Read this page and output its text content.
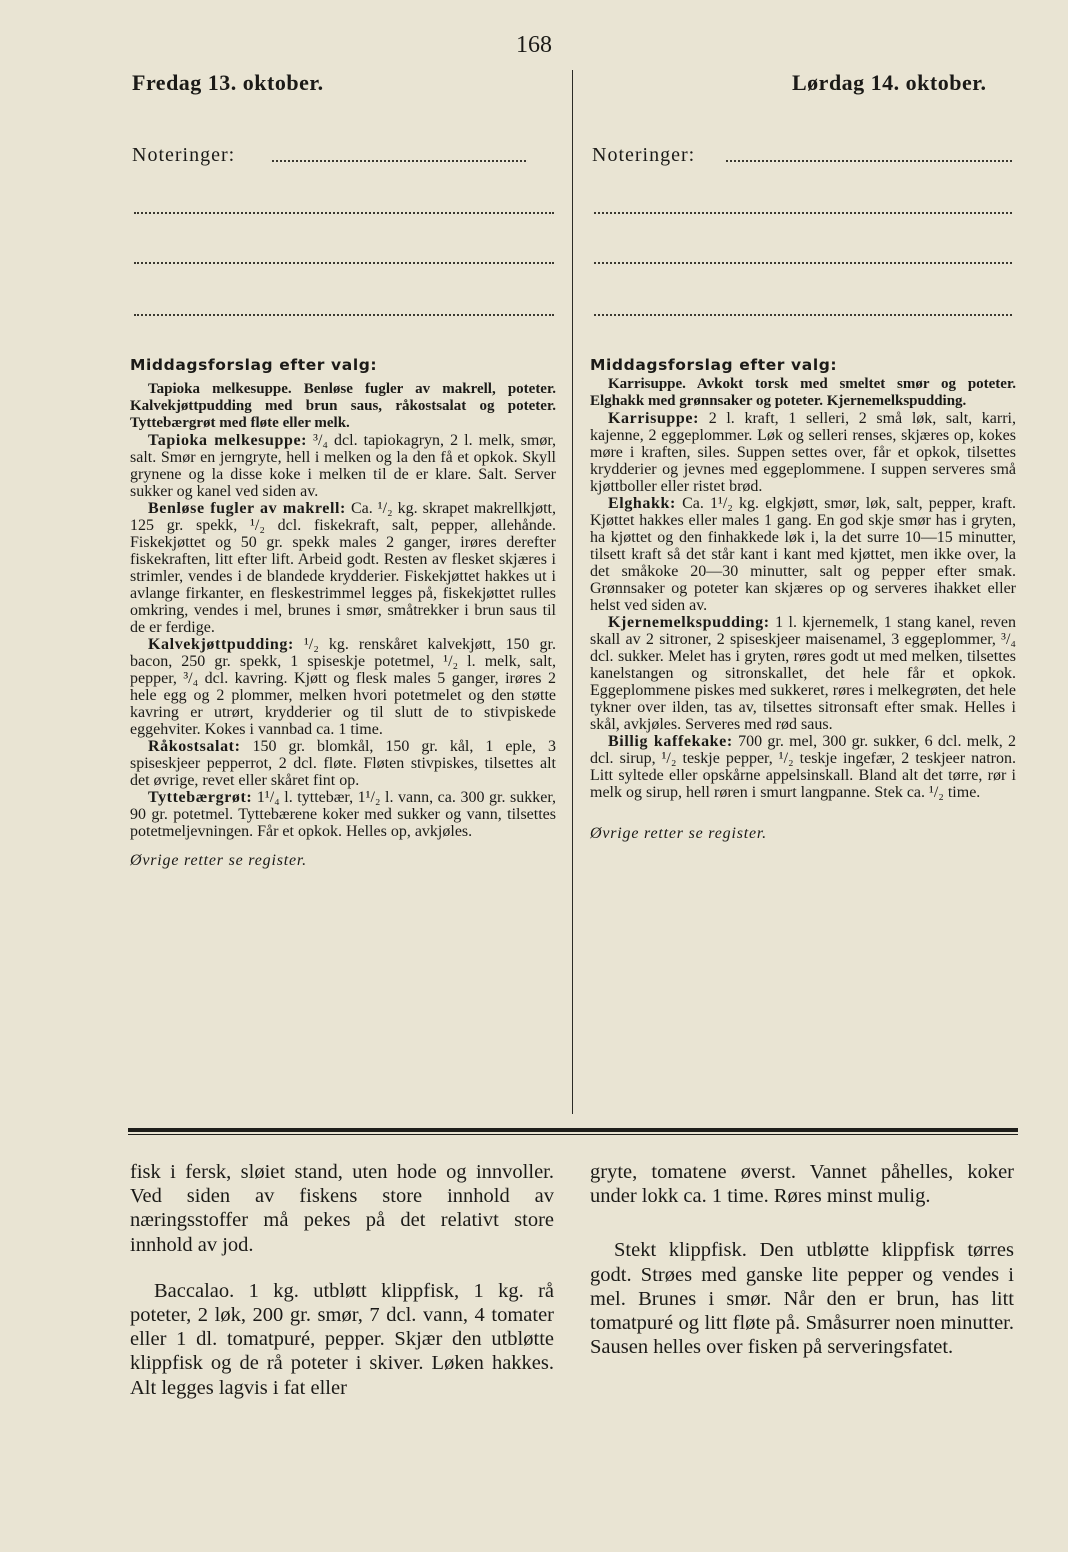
168
Fredag 13. oktober.	Lørdag 14. oktober.
Noteringer:	Noteringer:
Middagsforslag efter valg:

Tapioka melkesuppe. Benløse fugler av makrell, poteter. Kalvekjøttpudding med brun saus, råkostsalat og poteter. Tyttebærgrøt med fløte eller melk.

Tapioka melkesuppe: ³/₄ dcl. tapiokagryn, 2 l. melk, smør, salt. Smør en jerngryte, hell i melken og la den få et opkok. Skyll grynene og la disse koke i melken til de er klare. Salt. Server sukker og kanel ved siden av.

Benløse fugler av makrell: Ca. ¹/₂ kg. skrapet makrellkjøtt, 125 gr. spekk, ¹/₂ dcl. fiskekraft, salt, pepper, allehånde. Fiskekjøttet og 50 gr. spekk males 2 ganger, irøres derefter fiskekraften, litt efter lift. Arbeid godt. Resten av flesket skjæres i strimler, vendes i de blandede krydderier. Fiskekjøttet hakkes ut i avlange firkanter, en fleskestrimmel legges på, fiskekjøttet rulles omkring, vendes i mel, brunes i smør, småtrekker i brun saus til de er ferdige.

Kalvekjøttpudding: ¹/₂ kg. renskåret kalvekjøtt, 150 gr. bacon, 250 gr. spekk, 1 spiseskje potetmel, ¹/₂ l. melk, salt, pepper, ³/₄ dcl. kavring. Kjøtt og flesk males 5 ganger, irøres 2 hele egg og 2 plommer, melken hvori potetmelet og den støtte kavring er utrørt, krydderier og til slutt de to stivpiskede eggehviter. Kokes i vannbad ca. 1 time.

Råkostsalat: 150 gr. blomkål, 150 gr. kål, 1 eple, 3 spiseskjeer pepperrot, 2 dcl. fløte. Fløten stivpiskes, tilsettes alt det øvrige, revet eller skåret fint op.

Tyttebærgrøt: 1¹/₄ l. tyttebær, 1¹/₂ l. vann, ca. 300 gr. sukker, 90 gr. potetmel. Tyttebærene koker med sukker og vann, tilsettes potetmeljevningen. Får et opkok. Helles op, avkjøles.

Øvrige retter se register.

Middagsforslag efter valg:

Karrisuppe. Avkokt torsk med smeltet smør og poteter. Elghakk med grønnsaker og poteter. Kjernemelkspudding.

Karrisuppe: 2 l. kraft, 1 selleri, 2 små løk, salt, karri, kajenne, 2 eggeplommer. Løk og selleri renses, skjæres op, kokes møre i kraften, siles. Suppen settes over, får et opkok, tilsettes krydderier og jevnes med eggeplommene. I suppen serveres små kjøttboller eller ristet brød.

Elghakk: Ca. 1¹/₂ kg. elgkjøtt, smør, løk, salt, pepper, kraft. Kjøttet hakkes eller males 1 gang. En god skje smør has i gryten, ha kjøttet og den finhakkede løk i, la det surre 10—15 minutter, tilsett kraft så det står kant i kant med kjøttet, men ikke over, la det småkoke 20—30 minutter, salt og pepper efter smak. Grønnsaker og poteter kan skjæres op og serveres ihakket eller helst ved siden av.

Kjernemelkspudding: 1 l. kjernemelk, 1 stang kanel, reven skall av 2 sitroner, 2 spiseskjeer maisenamel, 3 eggeplommer, ³/₄ dcl. sukker. Melet has i gryten, røres godt ut med melken, tilsettes kanelstangen og sitronskallet, det hele får et opkok. Eggeplommene piskes med sukkeret, røres i melkegrøten, det hele tykner over ilden, tas av, tilsettes sitronsaft efter smak. Helles i skål, avkjøles. Serveres med rød saus.

Billig kaffekake: 700 gr. mel, 300 gr. sukker, 6 dcl. melk, 2 dcl. sirup, ¹/₂ teskje pepper, ¹/₂ teskje ingefær, 2 teskjeer natron. Litt syltede eller opskårne appelsinskall. Bland alt det tørre, rør i melk og sirup, hell røren i smurt langpanne. Stek ca. ¹/₂ time.

Øvrige retter se register.

fisk i fersk, sløiet stand, uten hode og innvoller. Ved siden av fiskens store innhold av næringsstoffer må pekes på det relativt store innhold av jod.

Baccalao. 1 kg. utbløtt klippfisk, 1 kg. rå poteter, 2 løk, 200 gr. smør, 7 dcl. vann, 4 tomater eller 1 dl. tomatpuré, pepper. Skjær den utbløtte klippfisk og de rå poteter i skiver. Løken hakkes. Alt legges lagvis i fat eller

gryte, tomatene øverst. Vannet påhelles, koker under lokk ca. 1 time. Røres minst mulig.

Stekt klippfisk. Den utbløtte klippfisk tørres godt. Strøes med ganske lite pepper og vendes i mel. Brunes i smør. Når den er brun, has litt tomatpuré og litt fløte på. Småsurrer noen minutter. Sausen helles over fisken på serveringsfatet.
